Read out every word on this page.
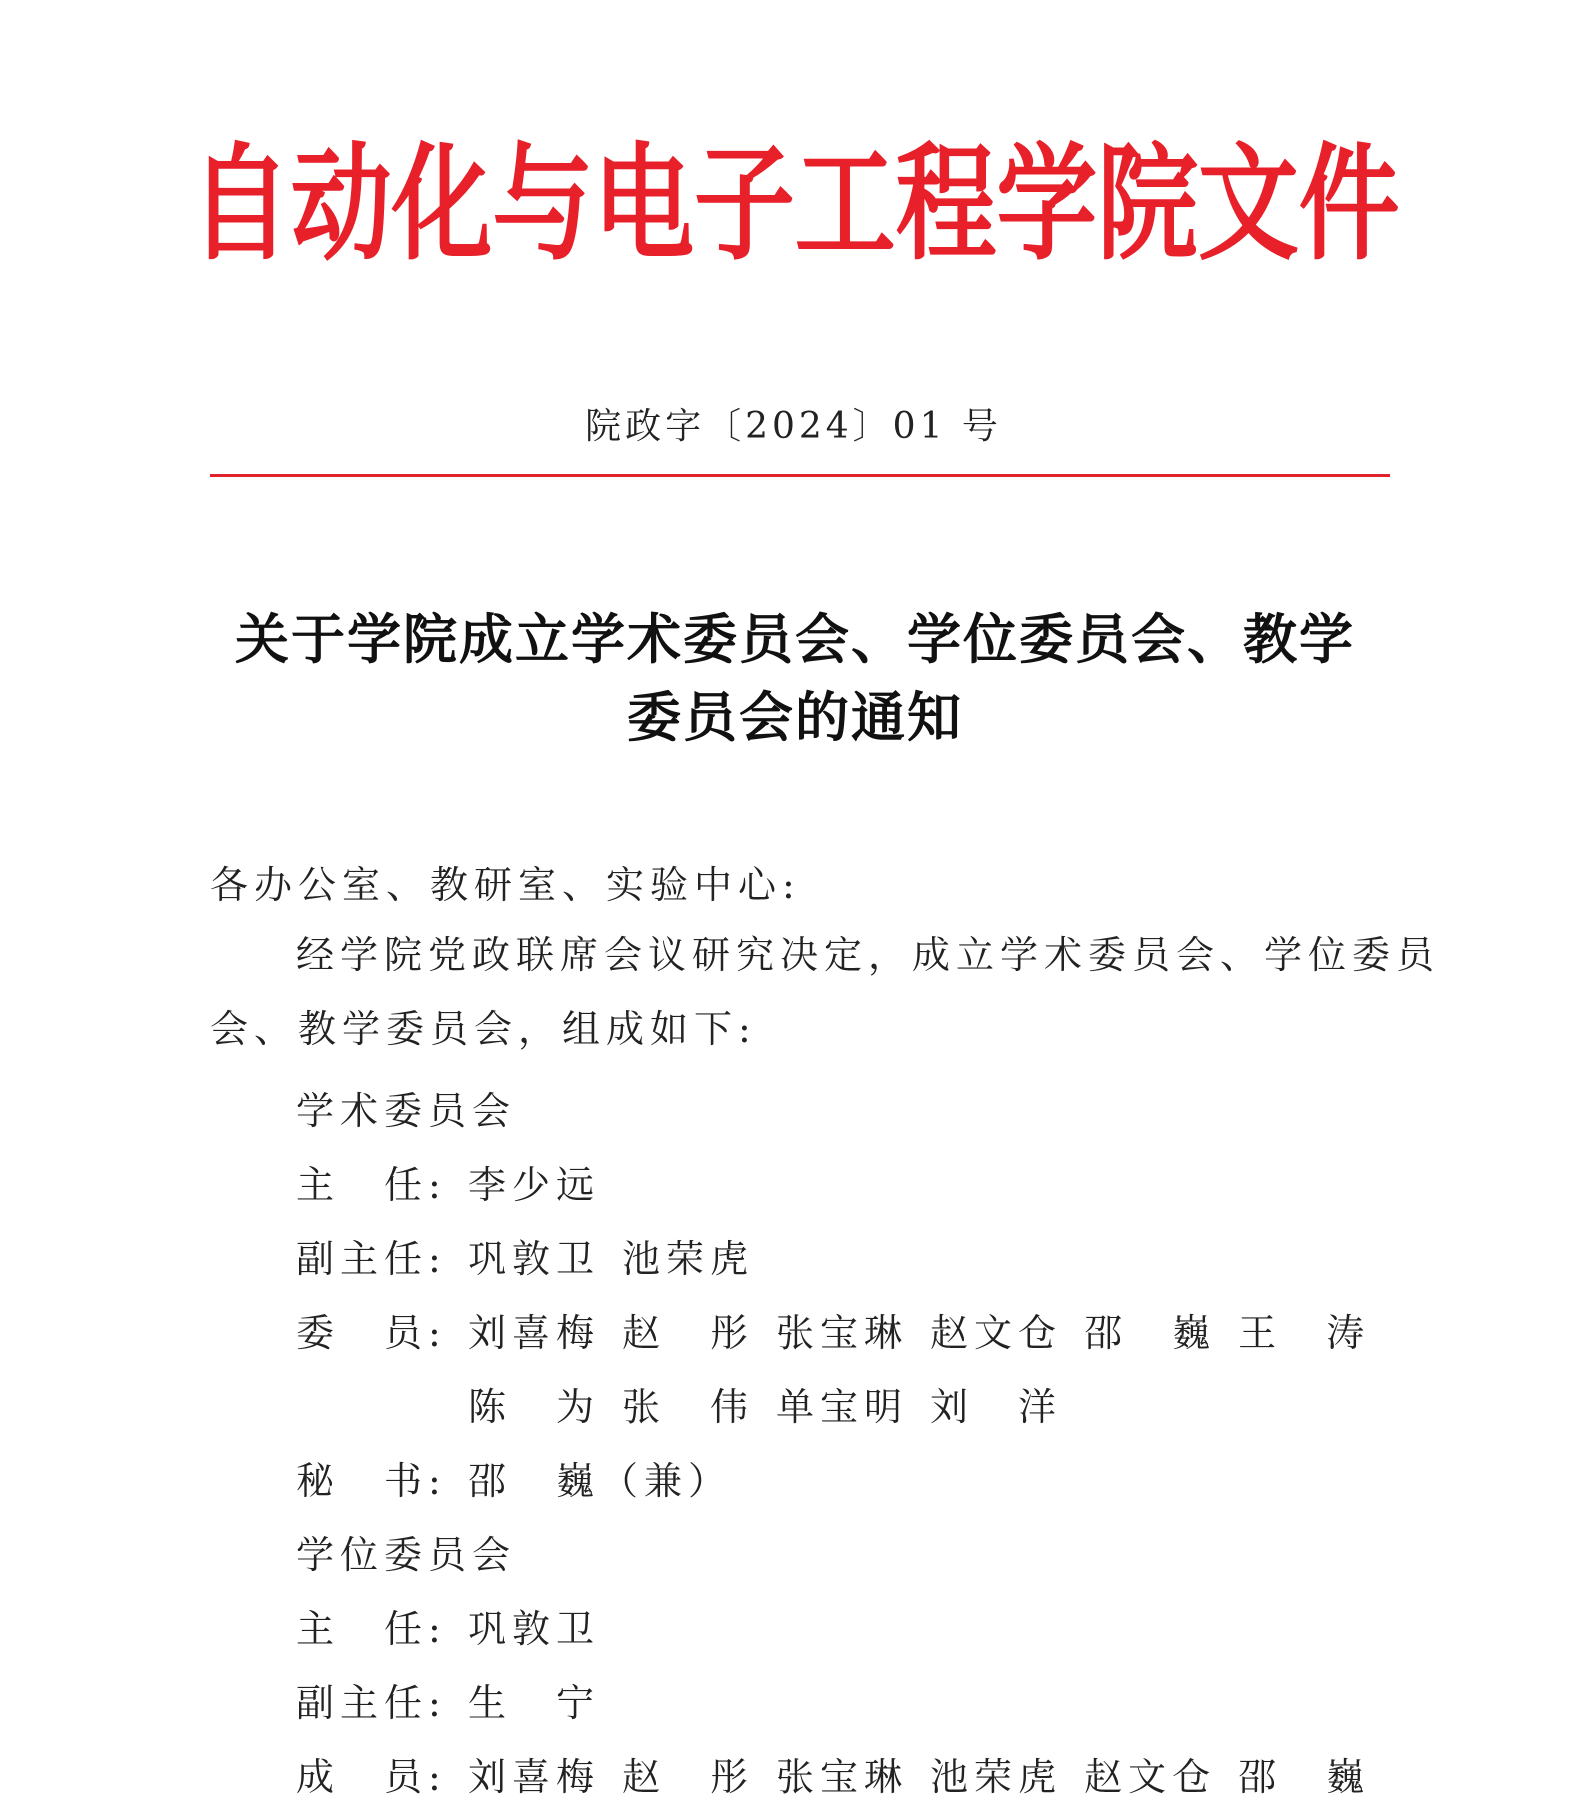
自动化与电子工程学院文件
院政字〔2024〕01 号
关于学院成立学术委员会、学位委员会、教学
委员会的通知
各办公室、教研室、实验中心:
经学院党政联席会议研究决定，成立学术委员会、学位委员
会、教学委员会，组成如下:
学术委员会
主　任: 李少远
副主任: 巩敦卫 池荣虎
委　员: 刘喜梅 赵　彤 张宝琳 赵文仓 邵　巍 王　涛
陈　为 张　伟 单宝明 刘　洋
秘　书: 邵　巍（兼）
学位委员会
主　任: 巩敦卫
副主任: 生　宁
成　员: 刘喜梅 赵　彤 张宝琳 池荣虎 赵文仓 邵　巍
